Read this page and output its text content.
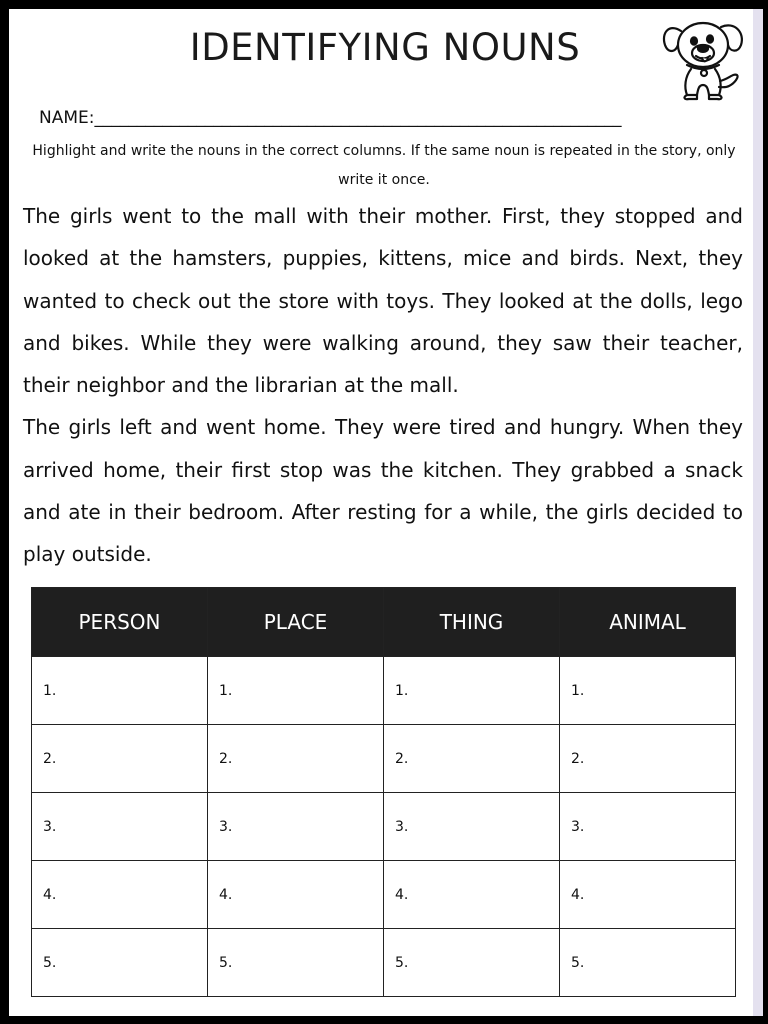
IDENTIFYING NOUNS
NAME:______________________________________________________________
Highlight and write the nouns in the correct columns. If the same noun is repeated in the story, only write it once.

The girls went to the mall with their mother. First, they stopped and looked at the hamsters, puppies, kittens, mice and birds. Next, they wanted to check out the store with toys. They looked at the dolls, lego and bikes. While they were walking around, they saw their teacher, their neighbor and the librarian at the mall.

The girls left and went home. They were tired and hungry. When they arrived home, their first stop was the kitchen. They grabbed a snack and ate in their bedroom. After resting for a while, the girls decided to play outside.

PERSON	PLACE	THING	ANIMAL
1.	1.	1.	1.
2.	2.	2.	2.
3.	3.	3.	3.
4.	4.	4.	4.
5.	5.	5.	5.
